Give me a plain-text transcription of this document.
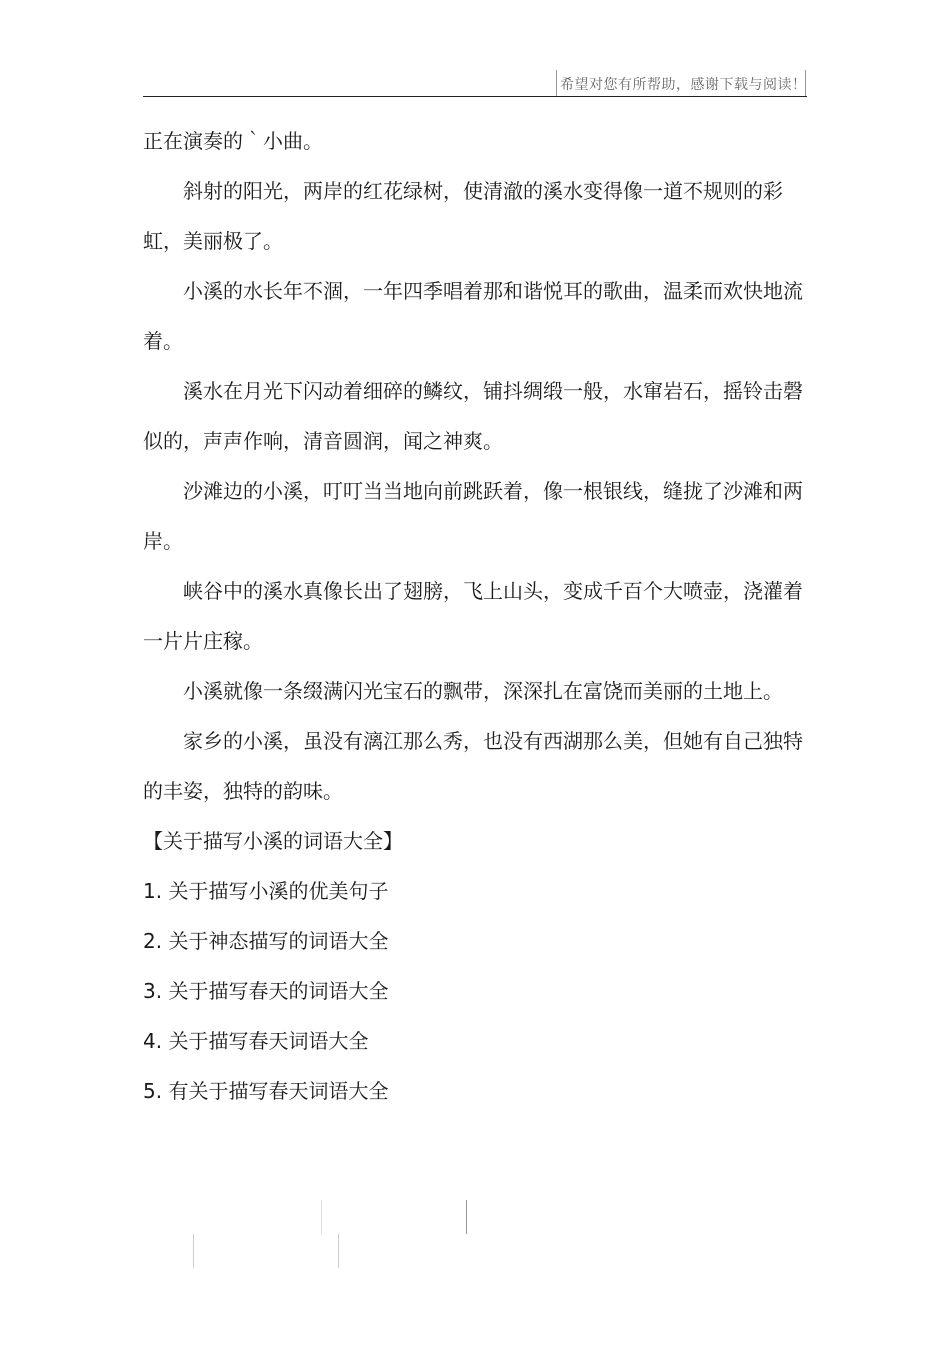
希望对您有所帮助，感谢下载与阅读！

正在演奏的｀小曲。

斜射的阳光，两岸的红花绿树，使清澈的溪水变得像一道不规则的彩虹，美丽极了。

小溪的水长年不涸，一年四季唱着那和谐悦耳的歌曲，温柔而欢快地流着。

溪水在月光下闪动着细碎的鳞纹，铺抖绸缎一般，水窜岩石，摇铃击磬似的，声声作响，清音圆润，闻之神爽。

沙滩边的小溪，叮叮当当地向前跳跃着，像一根银线，缝拢了沙滩和两岸。

峡谷中的溪水真像长出了翅膀，飞上山头，变成千百个大喷壶，浇灌着一片片庄稼。

小溪就像一条缀满闪光宝石的飘带，深深扎在富饶而美丽的土地上。

家乡的小溪，虽没有漓江那么秀，也没有西湖那么美，但她有自己独特的丰姿，独特的韵味。

【关于描写小溪的词语大全】

1. 关于描写小溪的优美句子

2. 关于神态描写的词语大全

3. 关于描写春天的词语大全

4. 关于描写春天词语大全

5. 有关于描写春天词语大全
